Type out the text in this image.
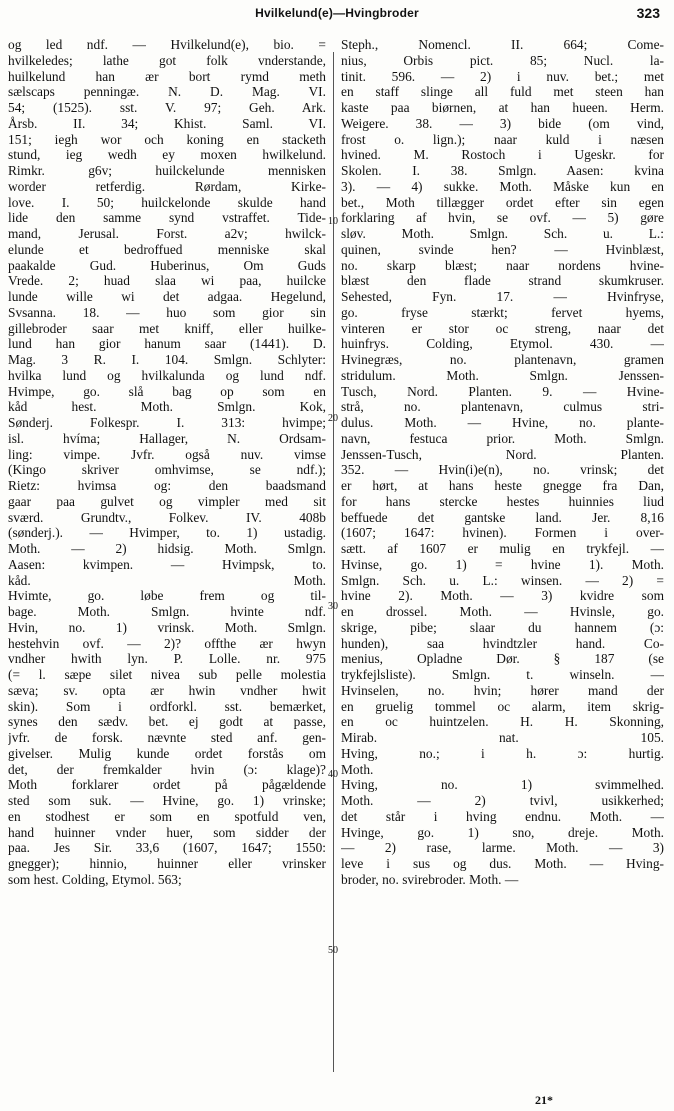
Hvilkelund(e)—Hvingbroder	323
og led ndf. — Hvilkelund(e), bio. =
hvilkeledes; lathe got folk vnderstande,
huilkelund han ær bort rymd meth
sælscaps penningæ. N. D. Mag. VI.
54; (1525). sst. V. 97; Geh. Ark.
Årsb. II. 34; Khist. Saml. VI.
151; iegh wor och koning en stacketh
stund, ieg wedh ey moxen hwilkelund.
Rimkr. g6v; huilckelunde mennisken
worder retferdig. Rørdam, Kirke-
love. I. 50; huilckelonde skulde hand
lide den samme synd vstraffet. Tide-
mand, Jerusal. Forst. a2v; hwilck-
elunde et bedroffued menniske skal
paakalde Gud. Huberinus, Om Guds
Vrede. 2; huad slaa wi paa, huilcke
lunde wille wi det adgaa. Hegelund,
Svsanna. 18. — huo som gior sin
gillebroder saar met kniff, eller huilke-
lund han gior hanum saar (1441). D.
Mag. 3 R. I. 104. Smlgn. Schlyter:
hvilka lund og hvilkalunda og lund ndf.
Hvimpe, go. slå bag op som en
kåd hest. Moth. Smlgn. Kok,
Sønderj. Folkespr. I. 313: hvimpe;
isl. hvíma; Hallager, N. Ordsam-
ling: vimpe. Jvfr. også nuv. vimse
(Kingo skriver omhvimse, se ndf.);
Rietz: hvimsa og: den baadsmand
gaar paa gulvet og vimpler med sit
sværd. Grundtv., Folkev. IV. 408b
(sønderj.). — Hvimper, to. 1) ustadig.
Moth. — 2) hidsig. Moth. Smlgn.
Aasen: kvimpen. — Hvimpsk, to.
kåd. Moth.
Hvimte, go. løbe frem og til-
bage. Moth. Smlgn. hvinte ndf.
Hvin, no. 1) vrinsk. Moth. Smlgn.
hestehvin ovf. — 2)? offthe ær hwyn
vndher hwith lyn. P. Lolle. nr. 975
(= l. sæpe silet nivea sub pelle molestia
sæva; sv. opta ær hwin vndher hwit
skin). Som i ordforkl. sst. bemærket,
synes den sædv. bet. ej godt at passe,
jvfr. de forsk. nævnte sted anf. gen-
givelser. Mulig kunde ordet forstås om
det, der fremkalder hvin (ɔ: klage)?
Moth forklarer ordet på pågældende
sted som suk. — Hvine, go. 1) vrinske;
en stodhest er som en spotfuld ven,
hand huinner vnder huer, som sidder der
paa. Jes Sir. 33,6 (1607, 1647; 1550:
gnegger); hinnio, huinner eller vrinsker
som hest. Colding, Etymol. 563;
Steph., Nomencl. II. 664; Come-
nius, Orbis pict. 85; Nucl. la-
tinit. 596. — 2) i nuv. bet.; met
en staff slinge all fuld met steen han
kaste paa biørnen, at han hueen. Herm.
Weigere. 38. — 3) bide (om vind,
frost o. lign.); naar kuld i næsen
hvined. M. Rostoch i Ugeskr. for
Skolen. I. 38. Smlgn. Aasen: kvina
3). — 4) sukke. Moth. Måske kun en
bet., Moth tillægger ordet efter sin egen
forklaring af hvin, se ovf. — 5) gøre
sløv. Moth. Smlgn. Sch. u. L.:
quinen, svinde hen? — Hvinblæst,
no. skarp blæst; naar nordens hvine-
blæst den flade strand skumkruser.
Sehested, Fyn. 17. — Hvinfryse,
go. fryse stærkt; fervet hyems,
vinteren er stor oc streng, naar det
huinfrys. Colding, Etymol. 430. —
Hvinegræs, no. plantenavn, gramen
stridulum. Moth. Smlgn. Jenssen-
Tusch, Nord. Planten. 9. — Hvine-
strå, no. plantenavn, culmus stri-
dulus. Moth. — Hvine, no. plante-
navn, festuca prior. Moth. Smlgn.
Jenssen-Tusch, Nord. Planten.
352. — Hvin(i)e(n), no. vrinsk; det
er hørt, at hans heste gnegge fra Dan,
for hans stercke hestes huinnies liud
beffuede det gantske land. Jer. 8,16
(1607; 1647: hvinen). Formen i over-
sætt. af 1607 er mulig en trykfejl. —
Hvinse, go. 1) = hvine 1). Moth.
Smlgn. Sch. u. L.: winsen. — 2) =
hvine 2). Moth. — 3) kvidre som
en drossel. Moth. — Hvinsle, go.
skrige, pibe; slaar du hannem (ɔ:
hunden), saa hvindtzler hand. Co-
menius, Opladne Dør. § 187 (se
trykfejlsliste). Smlgn. t. winseln. —
Hvinselen, no. hvin; hører mand der
en gruelig tommel oc alarm, item skrig-
en oc huintzelen. H. H. Skonning,
Mirab. nat. 105.
Hving, no.; i h. ɔ: hurtig.
Moth.
Hving, no. 1) svimmelhed.
Moth. — 2) tvivl, usikkerhed;
det står i hving endnu. Moth. —
Hvinge, go. 1) sno, dreje. Moth.
— 2) rase, larme. Moth. — 3)
leve i sus og dus. Moth. — Hving-
broder, no. svirebroder. Moth. —
10
20
30
40
50
21*
